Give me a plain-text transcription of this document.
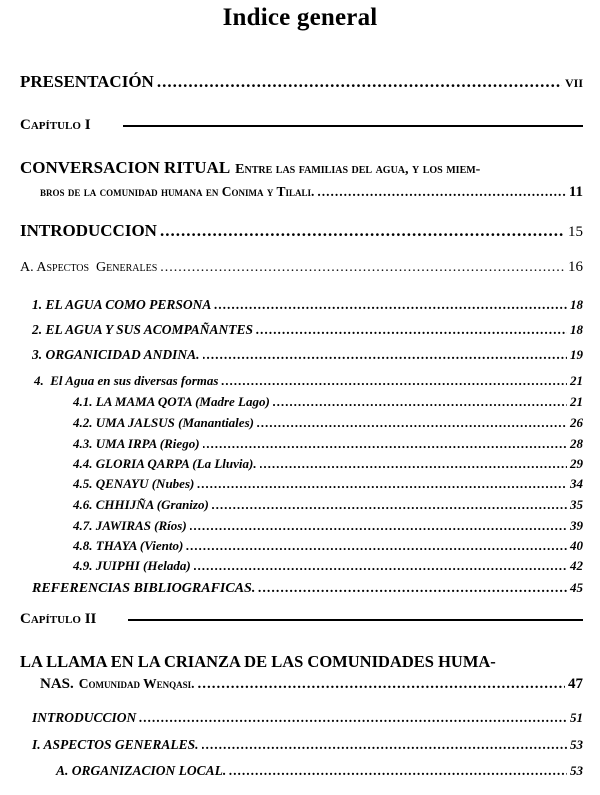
Indice general
PRESENTACIÓN .....	VII
Capítulo I
CONVERSACION RITUAL Entre las familias del agua, y los miem-
bros de la comunidad humana en Conima y Tilali. .....	11
INTRODUCCION .....	15
A. Aspectos  Generales .....	16
1. EL AGUA COMO PERSONA .....	18
2. EL AGUA Y SUS ACOMPAÑANTES .....	18
3. ORGANICIDAD ANDINA. .....	19
4.  El Agua en sus diversas formas .....	21
4.1. LA MAMA QOTA (Madre Lago) .....	21
4.2. UMA JALSUS (Manantiales) .....	26
4.3. UMA IRPA (Riego) .....	28
4.4. GLORIA QARPA (La Lluvia). .....	29
4.5. QENAYU (Nubes) .....	34
4.6. CHHIJÑA (Granizo) .....	35
4.7. JAWIRAS (Ríos) .....	39
4.8. THAYA (Viento) .....	40
4.9. JUIPHI (Helada) .....	42
REFERENCIAS BIBLIOGRAFICAS. .....	45
Capítulo II
LA LLAMA EN LA CRIANZA DE LAS COMUNIDADES HUMA-
NAS. Comunidad Wenqasi. .....	47
INTRODUCCION .....	51
I. ASPECTOS GENERALES. .....	53
A. ORGANIZACION LOCAL. .....	53
